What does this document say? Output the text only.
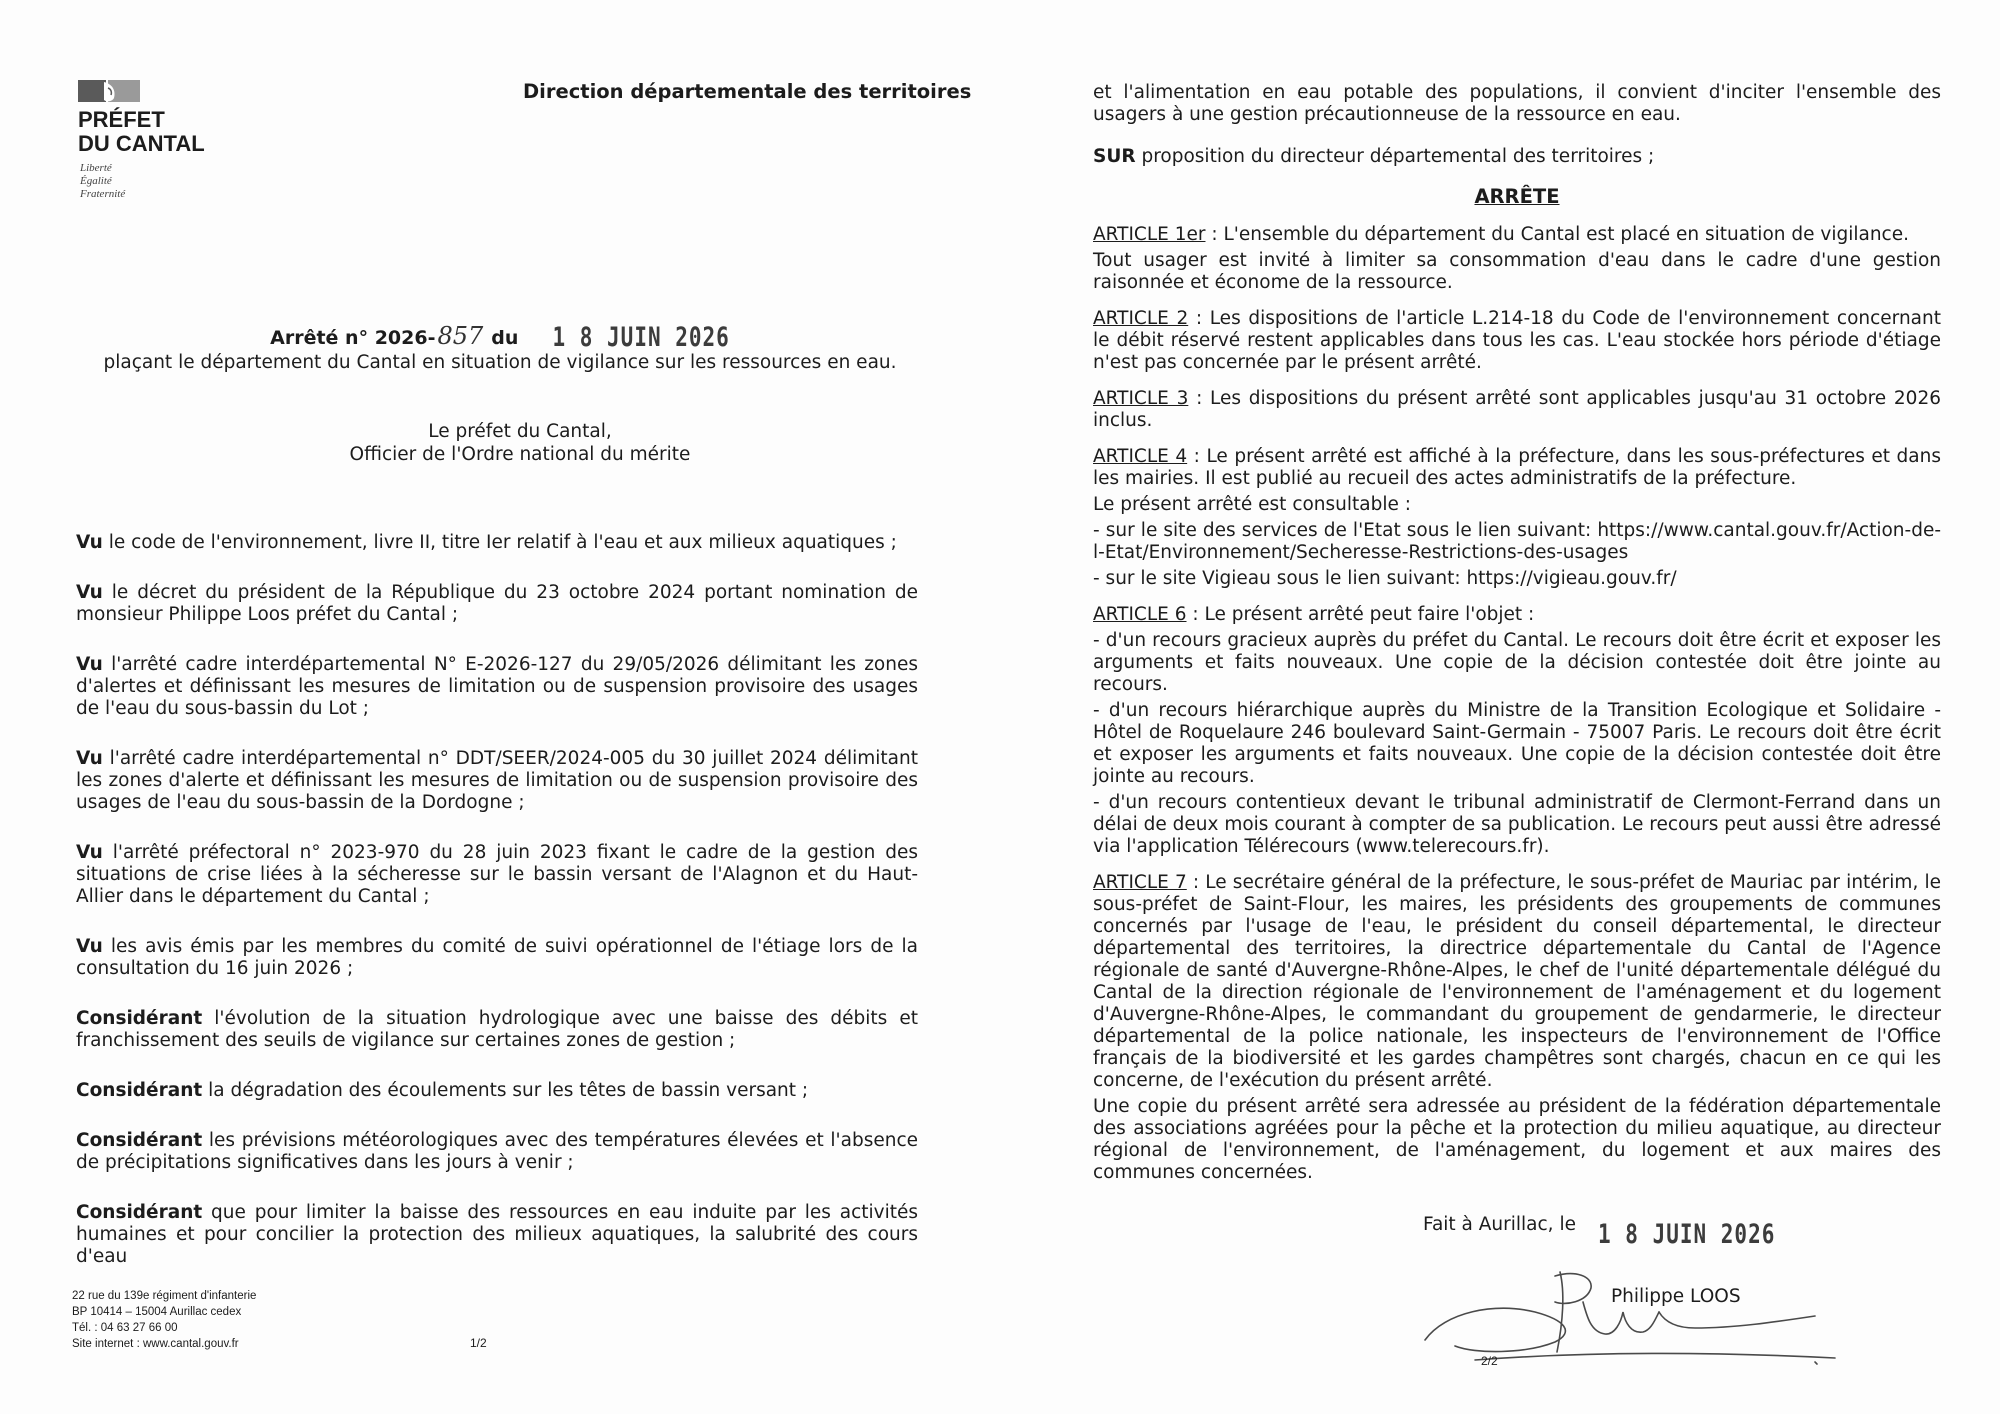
PRÉFET
DU CANTAL
Liberté
Égalité
Fraternité
Direction départementale des territoires
Arrêté n° 2026-857 du 1 8 JUIN 2026
plaçant le département du Cantal en situation de vigilance sur les ressources en eau.
Le préfet du Cantal,
Officier de l'Ordre national du mérite

Vu le code de l'environnement, livre II, titre Ier relatif à l'eau et aux milieux aquatiques ;

Vu le décret du président de la République du 23 octobre 2024 portant nomination de monsieur Philippe Loos préfet du Cantal ;

Vu l'arrêté cadre interdépartemental N° E-2026-127 du 29/05/2026 délimitant les zones d'alertes et définissant les mesures de limitation ou de suspension provisoire des usages de l'eau du sous-bassin du Lot ;

Vu l'arrêté cadre interdépartemental n° DDT/SEER/2024-005 du 30 juillet 2024 délimitant les zones d'alerte et définissant les mesures de limitation ou de suspension provisoire des usages de l'eau du sous-bassin de la Dordogne ;

Vu l'arrêté préfectoral n° 2023-970 du 28 juin 2023 fixant le cadre de la gestion des situations de crise liées à la sécheresse sur le bassin versant de l'Alagnon et du Haut-Allier dans le département du Cantal ;

Vu les avis émis par les membres du comité de suivi opérationnel de l'étiage lors de la consultation du 16 juin 2026 ;

Considérant l'évolution de la situation hydrologique avec une baisse des débits et franchissement des seuils de vigilance sur certaines zones de gestion ;

Considérant la dégradation des écoulements sur les têtes de bassin versant ;

Considérant les prévisions météorologiques avec des températures élevées et l'absence de précipitations significatives dans les jours à venir ;

Considérant que pour limiter la baisse des ressources en eau induite par les activités humaines et pour concilier la protection des milieux aquatiques, la salubrité des cours d'eau

22 rue du 139e régiment d'infanterie
BP 10414 – 15004 Aurillac cedex
Tél. : 04 63 27 66 00
Site internet : www.cantal.gouv.fr	1/2

et l'alimentation en eau potable des populations, il convient d'inciter l'ensemble des usagers à une gestion précautionneuse de la ressource en eau.

SUR proposition du directeur départemental des territoires ;

ARRÊTE

ARTICLE 1er : L'ensemble du département du Cantal est placé en situation de vigilance.

Tout usager est invité à limiter sa consommation d'eau dans le cadre d'une gestion raisonnée et économe de la ressource.

ARTICLE 2 : Les dispositions de l'article L.214-18 du Code de l'environnement concernant le débit réservé restent applicables dans tous les cas. L'eau stockée hors période d'étiage n'est pas concernée par le présent arrêté.

ARTICLE 3 : Les dispositions du présent arrêté sont applicables jusqu'au 31 octobre 2026 inclus.

ARTICLE 4 : Le présent arrêté est affiché à la préfecture, dans les sous-préfectures et dans les mairies. Il est publié au recueil des actes administratifs de la préfecture.

Le présent arrêté est consultable :

- sur le site des services de l'Etat sous le lien suivant: https://www.cantal.gouv.fr/Action-de-l-Etat/Environnement/Secheresse-Restrictions-des-usages

- sur le site Vigieau sous le lien suivant: https://vigieau.gouv.fr/

ARTICLE 6 : Le présent arrêté peut faire l'objet :

- d'un recours gracieux auprès du préfet du Cantal. Le recours doit être écrit et exposer les arguments et faits nouveaux. Une copie de la décision contestée doit être jointe au recours.

- d'un recours hiérarchique auprès du Ministre de la Transition Ecologique et Solidaire - Hôtel de Roquelaure 246 boulevard Saint-Germain - 75007 Paris. Le recours doit être écrit et exposer les arguments et faits nouveaux. Une copie de la décision contestée doit être jointe au recours.

- d'un recours contentieux devant le tribunal administratif de Clermont-Ferrand dans un délai de deux mois courant à compter de sa publication. Le recours peut aussi être adressé via l'application Télérecours (www.telerecours.fr).

ARTICLE 7 : Le secrétaire général de la préfecture, le sous-préfet de Mauriac par intérim, le sous-préfet de Saint-Flour, les maires, les présidents des groupements de communes concernés par l'usage de l'eau, le président du conseil départemental, le directeur départemental des territoires, la directrice départementale du Cantal de l'Agence régionale de santé d'Auvergne-Rhône-Alpes, le chef de l'unité départementale délégué du Cantal de la direction régionale de l'environnement de l'aménagement et du logement d'Auvergne-Rhône-Alpes, le commandant du groupement de gendarmerie, le directeur départemental de la police nationale, les inspecteurs de l'environnement de l'Office français de la biodiversité et les gardes champêtres sont chargés, chacun en ce qui les concerne, de l'exécution du présent arrêté.

Une copie du présent arrêté sera adressée au président de la fédération départementale des associations agréées pour la pêche et la protection du milieu aquatique, au directeur régional de l'environnement, de l'aménagement, du logement et aux maires des communes concernées.

Fait à Aurillac, le 1 8 JUIN 2026
Philippe LOOS
2/2
